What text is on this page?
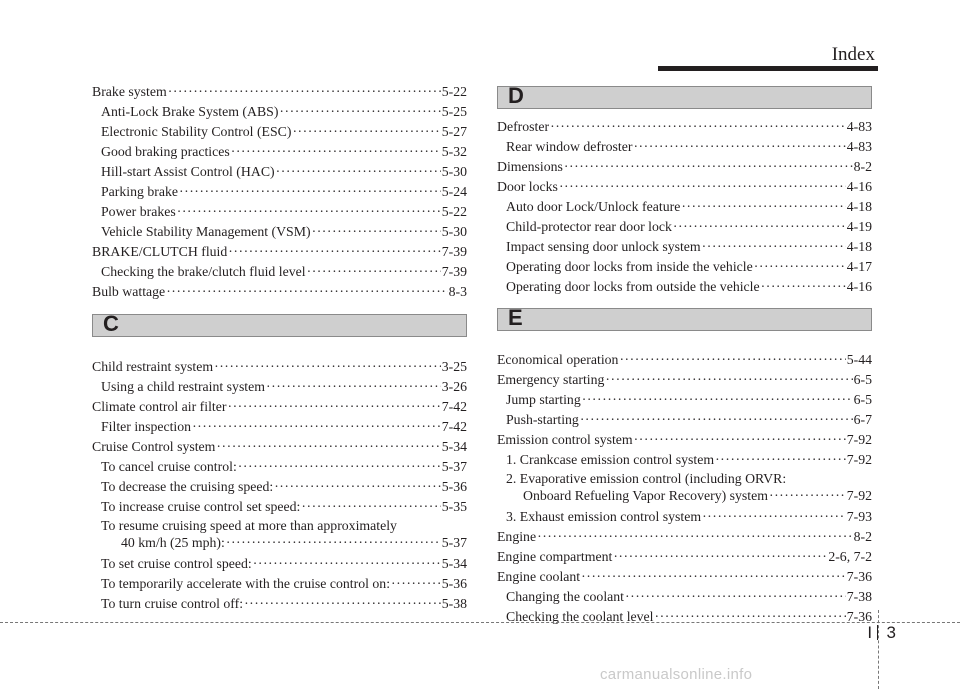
Index
Brake system ·····	5-22
Anti-Lock Brake System (ABS) ·····	5-25
Electronic Stability Control (ESC) ·····	5-27
Good braking practices ·····	5-32
Hill-start Assist Control (HAC) ·····	5-30
Parking brake ·····	5-24
Power brakes ·····	5-22
Vehicle Stability Management (VSM) ·····	5-30
BRAKE/CLUTCH fluid ·····	7-39
Checking the brake/clutch fluid level ·····	7-39
Bulb wattage ·····	8-3
C
Child restraint system ·····	3-25
Using a child restraint system ·····	3-26
Climate control air filter ·····	7-42
Filter inspection ·····	7-42
Cruise Control system ·····	5-34
To cancel cruise control: ·····	5-37
To decrease the cruising speed: ·····	5-36
To increase cruise control set speed: ·····	5-35
To resume cruising speed at more than approximately
40 km/h (25 mph): ·····	5-37
To set cruise control speed: ·····	5-34
To temporarily accelerate with the cruise control on: ·····	5-36
To turn cruise control off: ·····	5-38
D
Defroster ·····	4-83
Rear window defroster ·····	4-83
Dimensions ·····	8-2
Door locks ·····	4-16
Auto door Lock/Unlock feature ·····	4-18
Child-protector rear door lock ·····	4-19
Impact sensing door unlock system ·····	4-18
Operating door locks from inside the vehicle ·····	4-17
Operating door locks from outside the vehicle ·····	4-16
E
Economical operation ·····	5-44
Emergency starting ·····	6-5
Jump starting ·····	6-5
Push-starting ·····	6-7
Emission control system ·····	7-92
1. Crankcase emission control system ·····	7-92
2. Evaporative emission control (including ORVR:
Onboard Refueling Vapor Recovery) system ·····	7-92
3. Exhaust emission control system ·····	7-93
Engine ·····	8-2
Engine compartment ·····	2-6, 7-2
Engine coolant ·····	7-36
Changing the coolant ·····	7-38
Checking the coolant level ·····	7-36
I 3
carmanualsonline.info
